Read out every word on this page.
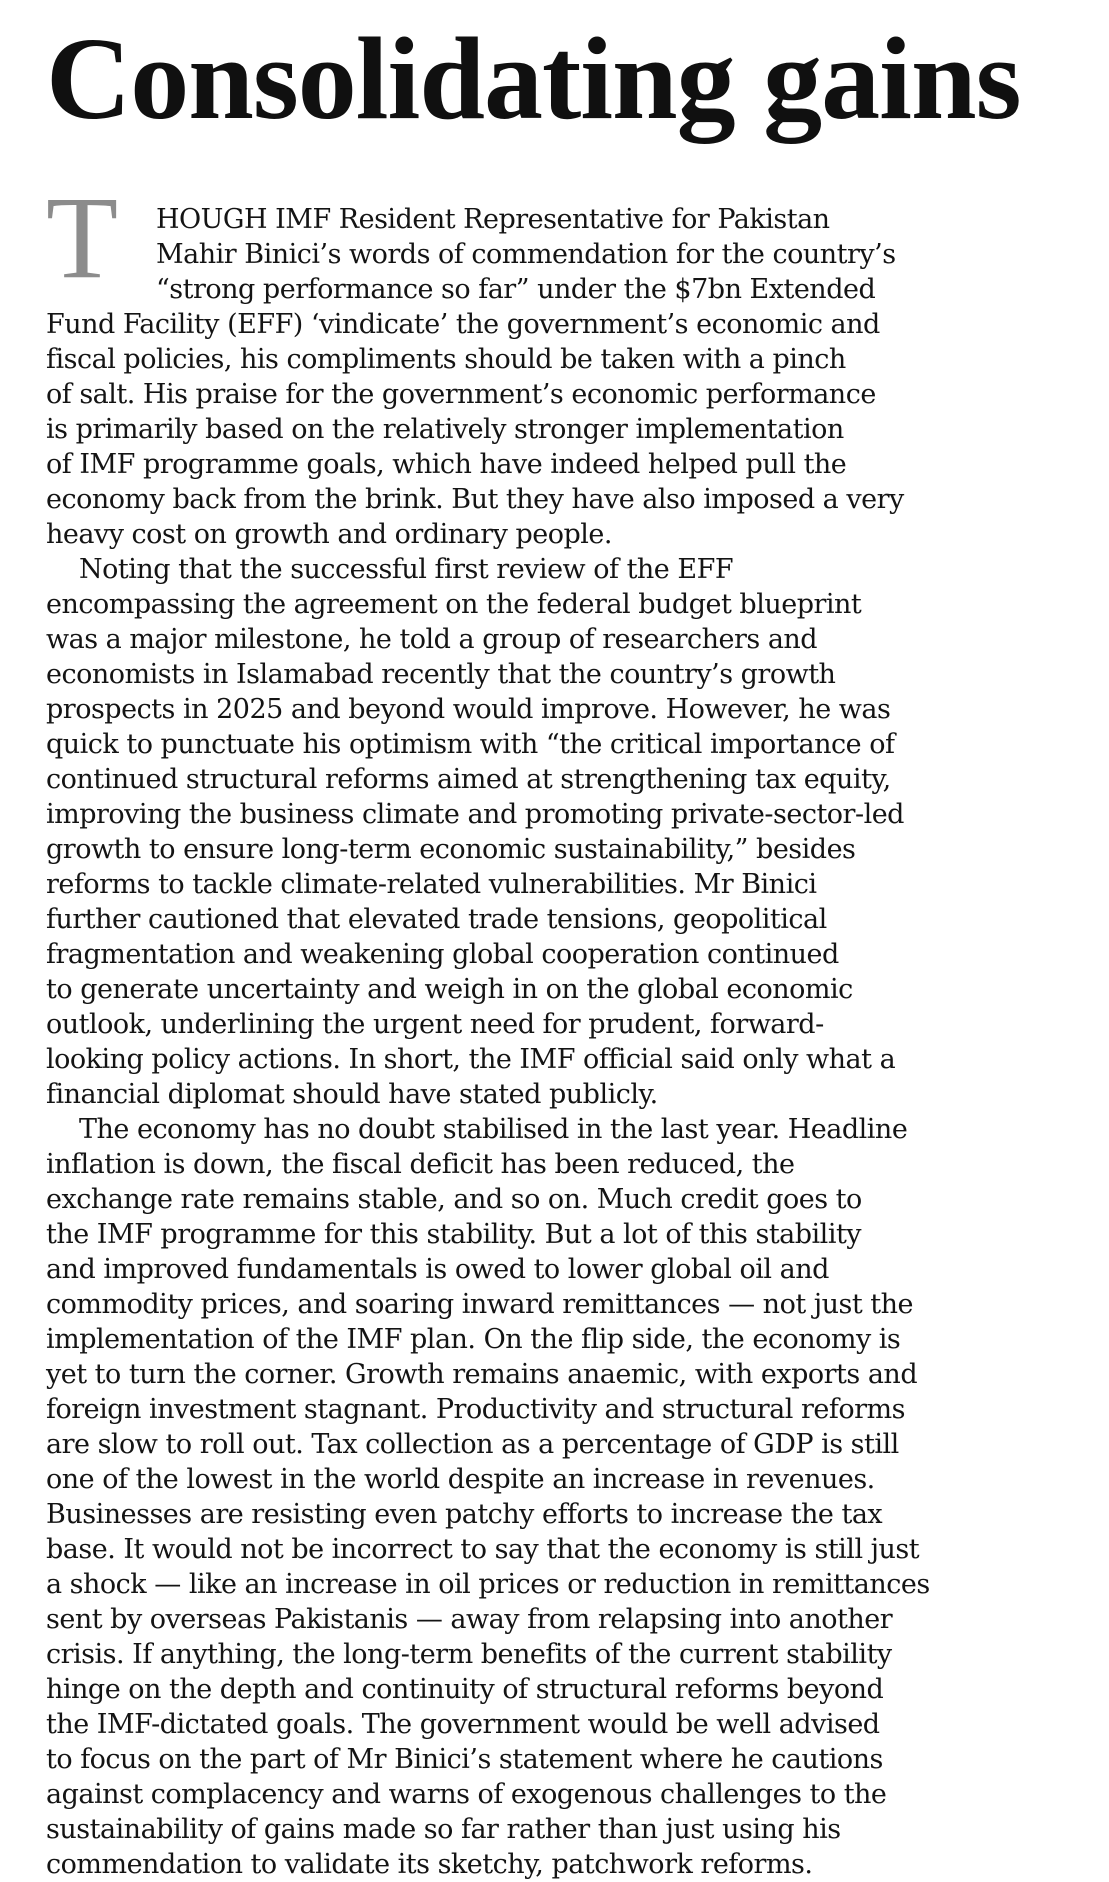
Consolidating gains
T	HOUGH IMF Resident Representative for Pakistan
Mahir Binici’s words of commendation for the country’s
“strong performance so far” under the $7bn Extended
Fund Facility (EFF) ‘vindicate’ the government’s economic and
fiscal policies, his compliments should be taken with a pinch
of salt. His praise for the government’s economic performance
is primarily based on the relatively stronger implementation
of IMF programme goals, which have indeed helped pull the
economy back from the brink. But they have also imposed a very
heavy cost on growth and ordinary people.
Noting that the successful first review of the EFF
encompassing the agreement on the federal budget blueprint
was a major milestone, he told a group of researchers and
economists in Islamabad recently that the country’s growth
prospects in 2025 and beyond would improve. However, he was
quick to punctuate his optimism with “the critical importance of
continued structural reforms aimed at strengthening tax equity,
improving the business climate and promoting private-sector-led
growth to ensure long-term economic sustainability,” besides
reforms to tackle climate-related vulnerabilities. Mr Binici
further cautioned that elevated trade tensions, geopolitical
fragmentation and weakening global cooperation continued
to generate uncertainty and weigh in on the global economic
outlook, underlining the urgent need for prudent, forward-
looking policy actions. In short, the IMF official said only what a
financial diplomat should have stated publicly.
The economy has no doubt stabilised in the last year. Headline
inflation is down, the fiscal deficit has been reduced, the
exchange rate remains stable, and so on. Much credit goes to
the IMF programme for this stability. But a lot of this stability
and improved fundamentals is owed to lower global oil and
commodity prices, and soaring inward remittances — not just the
implementation of the IMF plan. On the flip side, the economy is
yet to turn the corner. Growth remains anaemic, with exports and
foreign investment stagnant. Productivity and structural reforms
are slow to roll out. Tax collection as a percentage of GDP is still
one of the lowest in the world despite an increase in revenues.
Businesses are resisting even patchy efforts to increase the tax
base. It would not be incorrect to say that the economy is still just
a shock — like an increase in oil prices or reduction in remittances
sent by overseas Pakistanis — away from relapsing into another
crisis. If anything, the long-term benefits of the current stability
hinge on the depth and continuity of structural reforms beyond
the IMF-dictated goals. The government would be well advised
to focus on the part of Mr Binici’s statement where he cautions
against complacency and warns of exogenous challenges to the
sustainability of gains made so far rather than just using his
commendation to validate its sketchy, patchwork reforms.
